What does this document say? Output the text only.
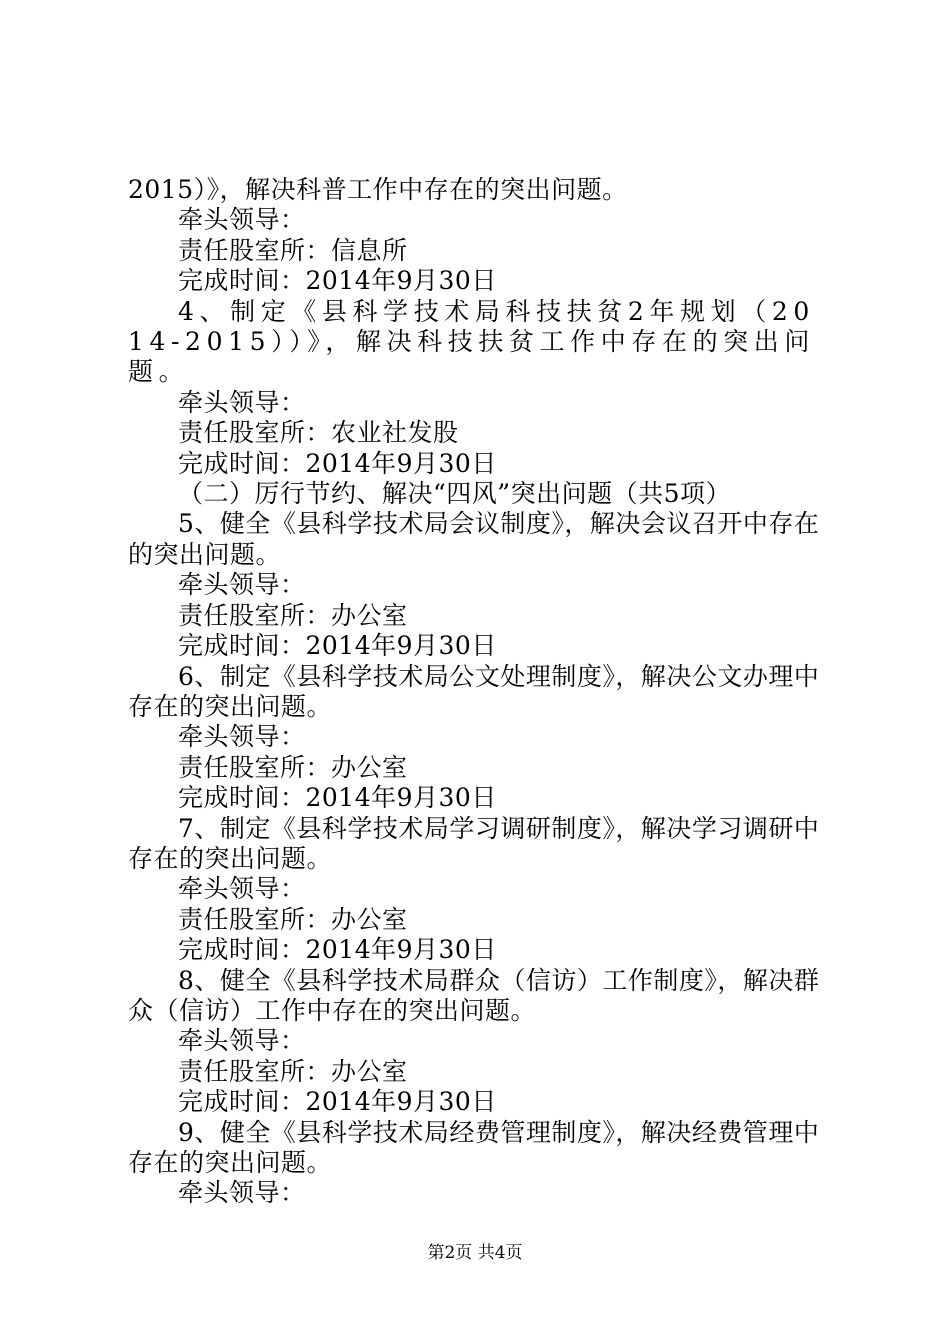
2015）》，解决科普工作中存在的突出问题。

牵头领导：

责任股室所：信息所

完成时间：2014年9月30日

4、制定《县科学技术局科技扶贫2年规划（2014-2015））》，解决科技扶贫工作中存在的突出问题。

牵头领导：

责任股室所：农业社发股

完成时间：2014年9月30日

（二）厉行节约、解决“四风”突出问题（共5项）

5、健全《县科学技术局会议制度》，解决会议召开中存在的突出问题。

牵头领导：

责任股室所：办公室

完成时间：2014年9月30日

6、制定《县科学技术局公文处理制度》，解决公文办理中存在的突出问题。

牵头领导：

责任股室所：办公室

完成时间：2014年9月30日

7、制定《县科学技术局学习调研制度》，解决学习调研中存在的突出问题。

牵头领导：

责任股室所：办公室

完成时间：2014年9月30日

8、健全《县科学技术局群众（信访）工作制度》，解决群众（信访）工作中存在的突出问题。

牵头领导：

责任股室所：办公室

完成时间：2014年9月30日

9、健全《县科学技术局经费管理制度》，解决经费管理中存在的突出问题。

牵头领导：

第2页 共4页
